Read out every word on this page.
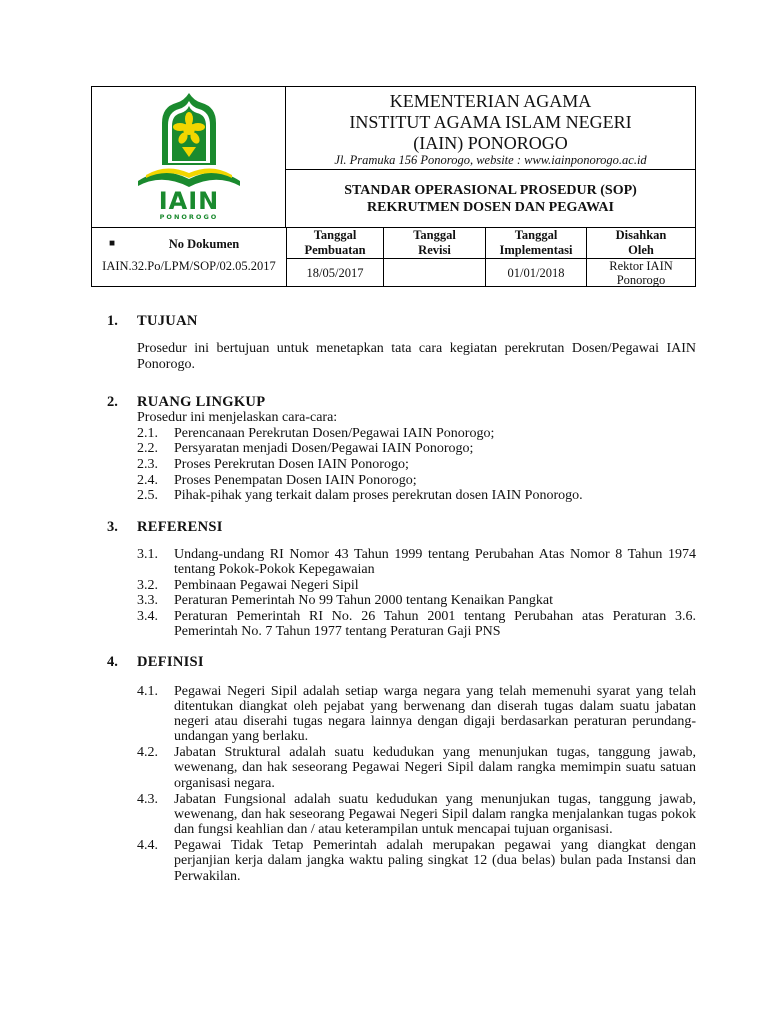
IAIN
PONOROGO
KEMENTERIAN AGAMA
INSTITUT AGAMA ISLAM NEGERI
(IAIN) PONOROGO
Jl. Pramuka 156 Ponorogo, website : www.iainponorogo.ac.id
STANDAR OPERASIONAL PROSEDUR (SOP)
REKRUTMEN DOSEN DAN PEGAWAI
■	No Dokumen
IAIN.32.Po/LPM/SOP/02.05.2017
Tanggal
Pembuatan
18/05/2017
Tanggal
Revisi
Tanggal
Implementasi
01/01/2018
Disahkan
Oleh
Rektor IAIN
Ponorogo
1. TUJUAN
Prosedur ini bertujuan untuk menetapkan tata cara kegiatan perekrutan Dosen/Pegawai IAIN
Ponorogo.
2. RUANG LINGKUP
Prosedur ini menjelaskan cara-cara:
2.1. Perencanaan Perekrutan Dosen/Pegawai IAIN Ponorogo;
2.2. Persyaratan menjadi Dosen/Pegawai IAIN Ponorogo;
2.3. Proses Perekrutan Dosen IAIN Ponorogo;
2.4. Proses Penempatan Dosen IAIN Ponorogo;
2.5. Pihak-pihak yang terkait dalam proses perekrutan dosen IAIN Ponorogo.
3. REFERENSI
3.1. Undang-undang RI Nomor 43 Tahun 1999 tentang Perubahan Atas Nomor 8 Tahun 1974
tentang Pokok-Pokok Kepegawaian
3.2. Pembinaan Pegawai Negeri Sipil
3.3. Peraturan Pemerintah No 99 Tahun 2000 tentang Kenaikan Pangkat
3.4. Peraturan Pemerintah RI No. 26 Tahun 2001 tentang Perubahan atas Peraturan 3.6.
Pemerintah No. 7 Tahun 1977 tentang Peraturan Gaji PNS
4. DEFINISI
4.1. Pegawai Negeri Sipil adalah setiap warga negara yang telah memenuhi syarat yang telah
ditentukan diangkat oleh pejabat yang berwenang dan diserah tugas dalam suatu jabatan
negeri atau diserahi tugas negara lainnya dengan digaji berdasarkan peraturan perundang-
undangan yang berlaku.
4.2. Jabatan Struktural adalah suatu kedudukan yang menunjukan tugas, tanggung jawab,
wewenang, dan hak seseorang Pegawai Negeri Sipil dalam rangka memimpin suatu satuan
organisasi negara.
4.3. Jabatan Fungsional adalah suatu kedudukan yang menunjukan tugas, tanggung jawab,
wewenang, dan hak seseorang Pegawai Negeri Sipil dalam rangka menjalankan tugas pokok
dan fungsi keahlian dan / atau keterampilan untuk mencapai tujuan organisasi.
4.4. Pegawai Tidak Tetap Pemerintah adalah merupakan pegawai yang diangkat dengan
perjanjian kerja dalam jangka waktu paling singkat 12 (dua belas) bulan pada Instansi dan
Perwakilan.
